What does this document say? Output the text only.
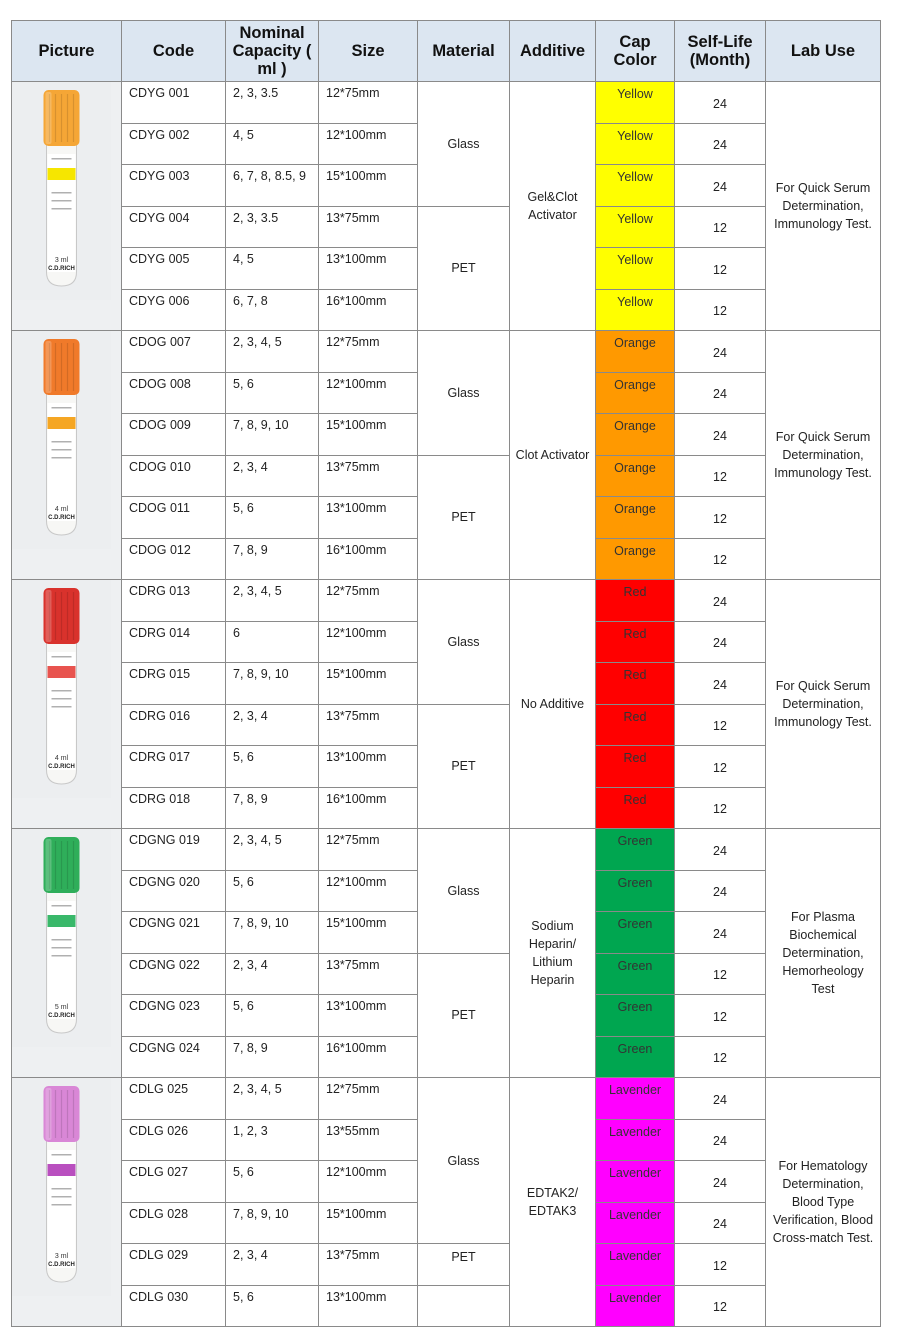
Picture	Code	Nominal Capacity ( ml )	Size	Material	Additive	Cap Color	Self-Life (Month)	Lab Use

3 ml
C.D.RICH	CDYG 001	2, 3, 3.5	12*75mm	Glass	Gel&Clot Activator	Yellow	24	For Quick Serum Determination, Immunology Test.
	CDYG 002	4, 5	12*100mm			Yellow	24	
	CDYG 003	6, 7, 8, 8.5, 9	15*100mm			Yellow	24	
	CDYG 004	2, 3, 3.5	13*75mm	PET		Yellow	12	
	CDYG 005	4, 5	13*100mm			Yellow	12	
	CDYG 006	6, 7, 8	16*100mm			Yellow	12	

4 ml
C.D.RICH	CDOG 007	2, 3, 4, 5	12*75mm	Glass	Clot Activator	Orange	24	For Quick Serum Determination, Immunology Test.
	CDOG 008	5, 6	12*100mm			Orange	24	
	CDOG 009	7, 8, 9, 10	15*100mm			Orange	24	
	CDOG 010	2, 3, 4	13*75mm	PET		Orange	12	
	CDOG 011	5, 6	13*100mm			Orange	12	
	CDOG 012	7, 8, 9	16*100mm			Orange	12	

4 ml
C.D.RICH	CDRG 013	2, 3, 4, 5	12*75mm	Glass	No Additive	Red	24	For Quick Serum Determination, Immunology Test.
	CDRG 014	6	12*100mm			Red	24	
	CDRG 015	7, 8, 9, 10	15*100mm			Red	24	
	CDRG 016	2, 3, 4	13*75mm	PET		Red	12	
	CDRG 017	5, 6	13*100mm			Red	12	
	CDRG 018	7, 8, 9	16*100mm			Red	12	

5 ml
C.D.RICH	CDGNG 019	2, 3, 4, 5	12*75mm	Glass	Sodium Heparin/ Lithium Heparin	Green	24	For Plasma Biochemical Determination, Hemorheology Test
	CDGNG 020	5, 6	12*100mm			Green	24	
	CDGNG 021	7, 8, 9, 10	15*100mm			Green	24	
	CDGNG 022	2, 3, 4	13*75mm	PET		Green	12	
	CDGNG 023	5, 6	13*100mm			Green	12	
	CDGNG 024	7, 8, 9	16*100mm			Green	12	

3 ml
C.D.RICH	CDLG 025	2, 3, 4, 5	12*75mm	Glass	EDTAK2/ EDTAK3	Lavender	24	For Hematology Determination, Blood Type Verification, Blood Cross-match Test.
	CDLG 026	1, 2, 3	13*55mm			Lavender	24	
	CDLG 027	5, 6	12*100mm			Lavender	24	
	CDLG 028	7, 8, 9, 10	15*100mm			Lavender	24	
	CDLG 029	2, 3, 4	13*75mm	PET		Lavender	12	
	CDLG 030	5, 6	13*100mm			Lavender	12	
